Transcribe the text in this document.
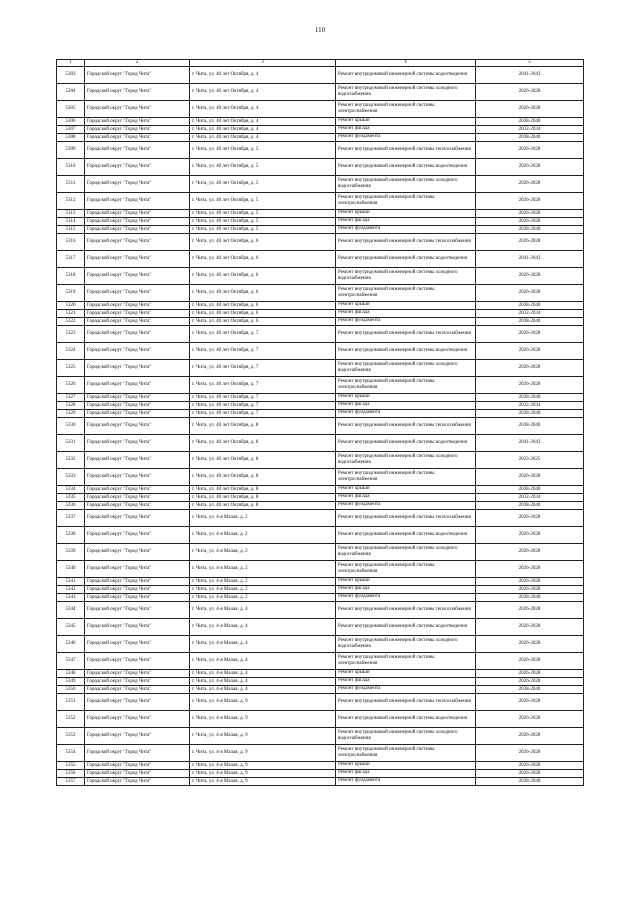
110
1	2	3	4	5
5303	Городской округ "Город Чита"	г. Чита, ул. 40 лет Октября, д. 4	Ремонт внутридомовой инженерной системы водоотведения	2041-2043
5304	Городской округ "Город Чита"	г. Чита, ул. 40 лет Октября, д. 4	Ремонт внутридомовой инженерной системы холодного водоснабжения	2026-2028
5305	Городской округ "Город Чита"	г. Чита, ул. 40 лет Октября, д. 4	Ремонт внутридомовой инженерной системы электроснабжения	2026-2028
5306	Городской округ "Город Чита"	г. Чита, ул. 40 лет Октября, д. 4	Ремонт крыши	2038-2040
5307	Городской округ "Город Чита"	г. Чита, ул. 40 лет Октября, д. 4	Ремонт фасада	2032-2034
5308	Городской округ "Город Чита"	г. Чита, ул. 40 лет Октября, д. 4	Ремонт фундамента	2038-2040
5309	Городской округ "Город Чита"	г. Чита, ул. 40 лет Октября, д. 5	Ремонт внутридомовой инженерной системы теплоснабжения	2026-2028
5310	Городской округ "Город Чита"	г. Чита, ул. 40 лет Октября, д. 5	Ремонт внутридомовой инженерной системы водоотведения	2026-2028
5311	Городской округ "Город Чита"	г. Чита, ул. 40 лет Октября, д. 5	Ремонт внутридомовой инженерной системы холодного водоснабжения	2026-2028
5312	Городской округ "Город Чита"	г. Чита, ул. 40 лет Октября, д. 5	Ремонт внутридомовой инженерной системы электроснабжения	2026-2028
5313	Городской округ "Город Чита"	г. Чита, ул. 40 лет Октября, д. 5	Ремонт крыши	2026-2028
5314	Городской округ "Город Чита"	г. Чита, ул. 40 лет Октября, д. 5	Ремонт фасада	2026-2028
5315	Городской округ "Город Чита"	г. Чита, ул. 40 лет Октября, д. 5	Ремонт фундамента	2038-2040
5316	Городской округ "Город Чита"	г. Чита, ул. 40 лет Октября, д. 6	Ремонт внутридомовой инженерной системы теплоснабжения	2026-2028
5317	Городской округ "Город Чита"	г. Чита, ул. 40 лет Октября, д. 6	Ремонт внутридомовой инженерной системы водоотведения	2041-2043
5318	Городской округ "Город Чита"	г. Чита, ул. 40 лет Октября, д. 6	Ремонт внутридомовой инженерной системы холодного водоснабжения	2026-2028
5319	Городской округ "Город Чита"	г. Чита, ул. 40 лет Октября, д. 6	Ремонт внутридомовой инженерной системы электроснабжения	2026-2028
5320	Городской округ "Город Чита"	г. Чита, ул. 40 лет Октября, д. 6	Ремонт крыши	2038-2040
5321	Городской округ "Город Чита"	г. Чита, ул. 40 лет Октября, д. 6	Ремонт фасада	2032-2034
5322	Городской округ "Город Чита"	г. Чита, ул. 40 лет Октября, д. 6	Ремонт фундамента	2038-2040
5323	Городской округ "Город Чита"	г. Чита, ул. 40 лет Октября, д. 7	Ремонт внутридомовой инженерной системы теплоснабжения	2026-2028
5324	Городской округ "Город Чита"	г. Чита, ул. 40 лет Октября, д. 7	Ремонт внутридомовой инженерной системы водоотведения	2026-2028
5325	Городской округ "Город Чита"	г. Чита, ул. 40 лет Октября, д. 7	Ремонт внутридомовой инженерной системы холодного водоснабжения	2026-2028
5326	Городской округ "Город Чита"	г. Чита, ул. 40 лет Октября, д. 7	Ремонт внутридомовой инженерной системы электроснабжения	2026-2028
5327	Городской округ "Город Чита"	г. Чита, ул. 40 лет Октября, д. 7	Ремонт крыши	2038-2040
5328	Городской округ "Город Чита"	г. Чита, ул. 40 лет Октября, д. 7	Ремонт фасада	2032-2034
5329	Городской округ "Город Чита"	г. Чита, ул. 40 лет Октября, д. 7	Ремонт фундамента	2038-2040
5330	Городской округ "Город Чита"	г. Чита, ул. 40 лет Октября, д. 8	Ремонт внутридомовой инженерной системы теплоснабжения	2038-2040
5331	Городской округ "Город Чита"	г. Чита, ул. 40 лет Октября, д. 8	Ремонт внутридомовой инженерной системы водоотведения	2041-2043
5332	Городской округ "Город Чита"	г. Чита, ул. 40 лет Октября, д. 8	Ремонт внутридомовой инженерной системы холодного водоснабжения	2023-2025
5333	Городской округ "Город Чита"	г. Чита, ул. 40 лет Октября, д. 8	Ремонт внутридомовой инженерной системы электроснабжения	2026-2028
5334	Городской округ "Город Чита"	г. Чита, ул. 40 лет Октября, д. 8	Ремонт крыши	2038-2040
5335	Городской округ "Город Чита"	г. Чита, ул. 40 лет Октября, д. 8	Ремонт фасада	2032-2034
5336	Городской округ "Город Чита"	г. Чита, ул. 40 лет Октября, д. 8	Ремонт фундамента	2038-2040
5337	Городской округ "Город Чита"	г. Чита, ул. 4-я Малая, д. 2	Ремонт внутридомовой инженерной системы теплоснабжения	2026-2028
5338	Городской округ "Город Чита"	г. Чита, ул. 4-я Малая, д. 2	Ремонт внутридомовой инженерной системы водоотведения	2026-2028
5339	Городской округ "Город Чита"	г. Чита, ул. 4-я Малая, д. 2	Ремонт внутридомовой инженерной системы холодного водоснабжения	2026-2028
5340	Городской округ "Город Чита"	г. Чита, ул. 4-я Малая, д. 2	Ремонт внутридомовой инженерной системы электроснабжения	2026-2028
5341	Городской округ "Город Чита"	г. Чита, ул. 4-я Малая, д. 2	Ремонт крыши	2026-2028
5342	Городской округ "Город Чита"	г. Чита, ул. 4-я Малая, д. 2	Ремонт фасада	2026-2028
5343	Городской округ "Город Чита"	г. Чита, ул. 4-я Малая, д. 2	Ремонт фундамента	2038-2040
5344	Городской округ "Город Чита"	г. Чита, ул. 4-я Малая, д. 4	Ремонт внутридомовой инженерной системы теплоснабжения	2026-2028
5345	Городской округ "Город Чита"	г. Чита, ул. 4-я Малая, д. 4	Ремонт внутридомовой инженерной системы водоотведения	2026-2028
5346	Городской округ "Город Чита"	г. Чита, ул. 4-я Малая, д. 4	Ремонт внутридомовой инженерной системы холодного водоснабжения	2026-2028
5347	Городской округ "Город Чита"	г. Чита, ул. 4-я Малая, д. 4	Ремонт внутридомовой инженерной системы электроснабжения	2026-2028
5348	Городской округ "Город Чита"	г. Чита, ул. 4-я Малая, д. 4	Ремонт крыши	2026-2028
5349	Городской округ "Город Чита"	г. Чита, ул. 4-я Малая, д. 4	Ремонт фасада	2026-2028
5350	Городской округ "Город Чита"	г. Чита, ул. 4-я Малая, д. 4	Ремонт фундамента	2038-2040
5351	Городской округ "Город Чита"	г. Чита, ул. 4-я Малая, д. 9	Ремонт внутридомовой инженерной системы теплоснабжения	2026-2028
5352	Городской округ "Город Чита"	г. Чита, ул. 4-я Малая, д. 9	Ремонт внутридомовой инженерной системы водоотведения	2026-2028
5353	Городской округ "Город Чита"	г. Чита, ул. 4-я Малая, д. 9	Ремонт внутридомовой инженерной системы холодного водоснабжения	2026-2028
5354	Городской округ "Город Чита"	г. Чита, ул. 4-я Малая, д. 9	Ремонт внутридомовой инженерной системы электроснабжения	2026-2028
5355	Городской округ "Город Чита"	г. Чита, ул. 4-я Малая, д. 9	Ремонт крыши	2026-2028
5356	Городской округ "Город Чита"	г. Чита, ул. 4-я Малая, д. 9	Ремонт фасада	2026-2028
5357	Городской округ "Город Чита"	г. Чита, ул. 4-я Малая, д. 9	Ремонт фундамента	2038-2040
